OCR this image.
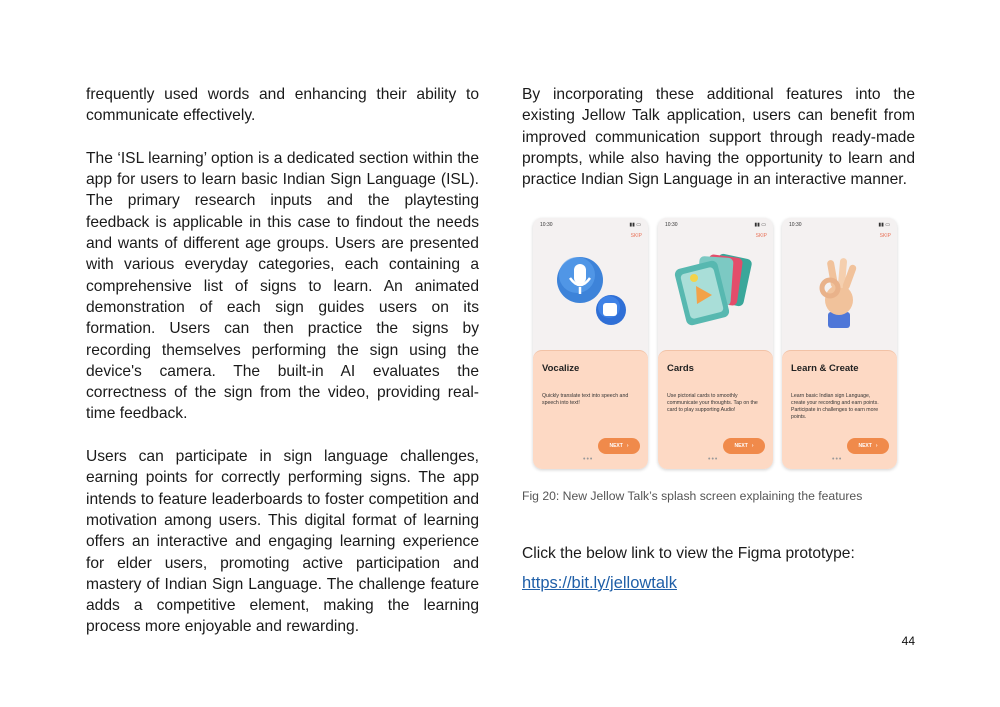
frequently used words and enhancing their ability to communicate effectively.

The ‘ISL learning’ option is a dedicated section within the app for users to learn basic Indian Sign Language (ISL). The primary research inputs and the playtesting feedback is applicable in this case to findout the needs and wants of different age groups. Users are presented with various everyday categories, each containing a comprehensive list of signs to learn. An animated demonstration of each sign guides users on its formation. Users can then practice the signs by recording themselves performing the sign using the device's camera. The built-in AI evaluates the correctness of the sign from the video, providing real-time feedback.

Users can participate in sign language challenges, earning points for correctly performing signs. The app intends to feature leaderboards to foster competition and motivation among users. This digital format of learning offers an interactive and engaging learning experience for elder users, promoting active participation and mastery of Indian Sign Language. The challenge feature adds a competitive element, making the learning process more enjoyable and rewarding.

By incorporating these additional features into the existing Jellow Talk application, users can benefit from improved communication support through ready-made prompts, while also having the opportunity to learn and practice Indian Sign Language in an interactive manner.

10:30	▮▮ ▭
SKIP
Vocalize
Quickly translate text into speech and speech into text!
NEXT ›
•••
10:30	▮▮ ▭
SKIP
Cards
Use pictorial cards to smoothly communicate your thoughts. Tap on the card to play supporting Audio!
NEXT ›
•••
10:30	▮▮ ▭
SKIP
Learn & Create
Learn basic Indian sign Language, create your recording and earn points. Participate in challenges to earn more points.
NEXT ›
•••
Fig 20: New Jellow Talk’s splash screen explaining the features
Click the below link to view the Figma prototype:
https://bit.ly/jellowtalk
44
